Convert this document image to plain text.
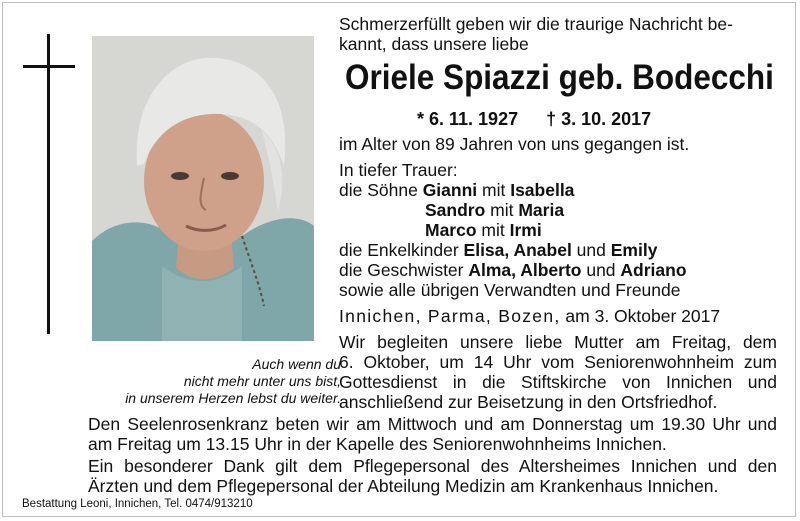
Auch wenn du
nicht mehr unter uns bist,
in unserem Herzen lebst du weiter.
Schmerzerfüllt geben wir die traurige Nachricht be-
kannt, dass unsere liebe
Oriele Spiazzi geb. Bodecchi
* 6. 11. 1927 † 3. 10. 2017
im Alter von 89 Jahren von uns gegangen ist.
In tiefer Trauer:
die Söhne Gianni mit Isabella
Sandro mit Maria
Marco mit Irmi
die Enkelkinder Elisa, Anabel und Emily
die Geschwister Alma, Alberto und Adriano
sowie alle übrigen Verwandten und Freunde
Innichen, Parma, Bozen, am 3. Oktober 2017
Wir begleiten unsere liebe Mutter am Freitag, dem
6. Oktober, um 14 Uhr vom Seniorenwohnheim zum
Gottesdienst in die Stiftskirche von Innichen und
anschließend zur Beisetzung in den Ortsfriedhof.
Den Seelenrosenkranz beten wir am Mittwoch und am Donnerstag um 19.30 Uhr und
am Freitag um 13.15 Uhr in der Kapelle des Seniorenwohnheims Innichen.
Ein besonderer Dank gilt dem Pflegepersonal des Altersheimes Innichen und den
Ärzten und dem Pflegepersonal der Abteilung Medizin am Krankenhaus Innichen.
Bestattung Leoni, Innichen, Tel. 0474/913210
